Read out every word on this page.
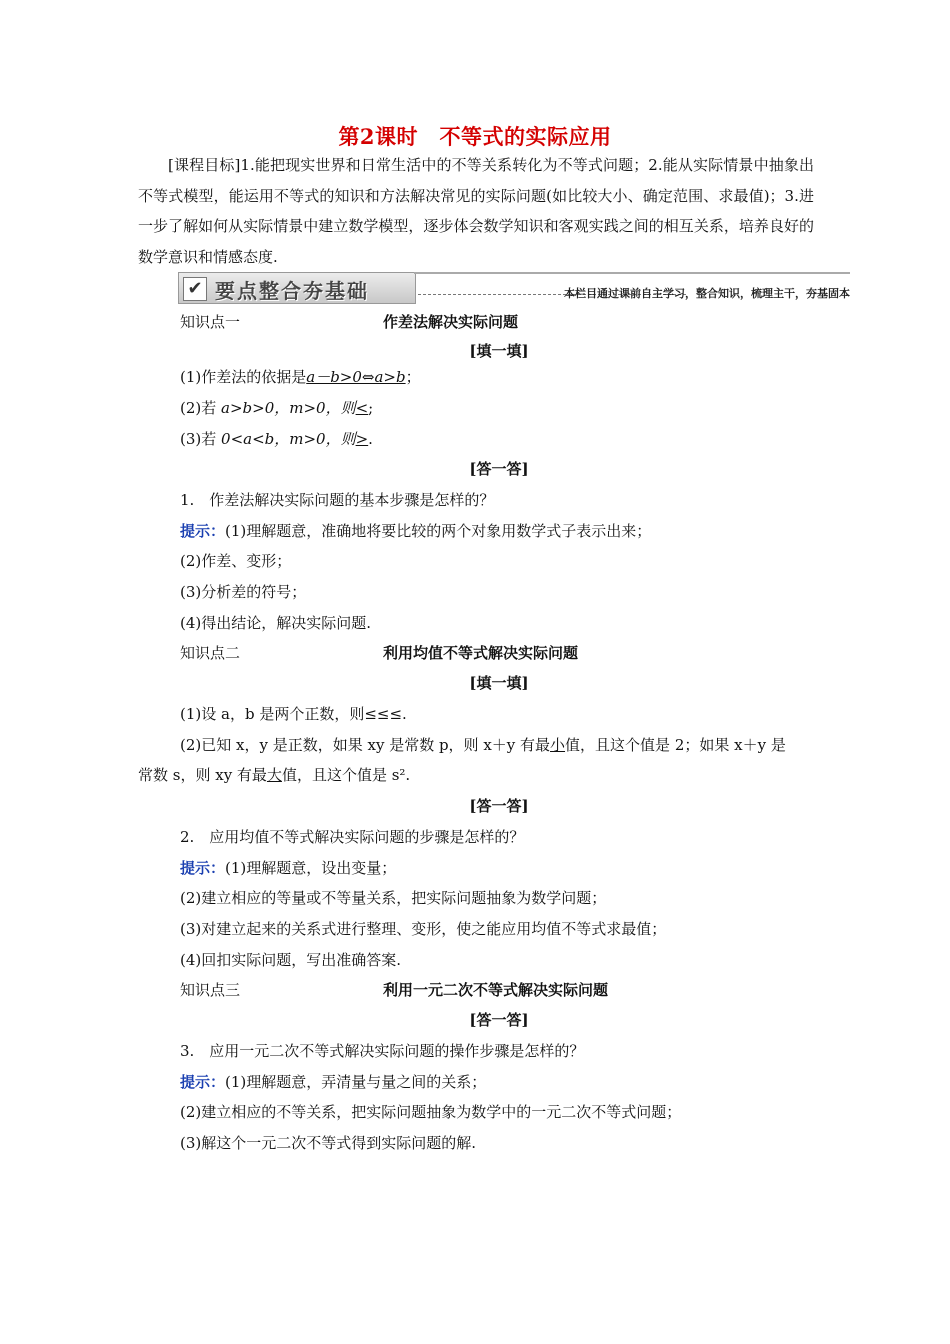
第2课时　不等式的实际应用
[课程目标]1.能把现实世界和日常生活中的不等关系转化为不等式问题；2.能从实际情景中抽象出不等式模型，能运用不等式的知识和方法解决常见的实际问题(如比较大小、确定范围、求最值)；3.进一步了解如何从实际情景中建立数学模型，逐步体会数学知识和客观实践之间的相互关系，培养良好的数学意识和情感态度.
✔ 要点整合夯基础	本栏目通过课前自主学习，整合知识，梳理主干，夯基固本
知识点一	作差法解决实际问题
[填一填]
(1)作差法的依据是a－b>0⇔a>b；
(2)若 a>b>0，m>0，则<;
(3)若 0<a<b，m>0，则>.
[答一答]
1.　作差法解决实际问题的基本步骤是怎样的？
提示：(1)理解题意，准确地将要比较的两个对象用数学式子表示出来；
(2)作差、变形；
(3)分析差的符号；
(4)得出结论，解决实际问题.
知识点二	利用均值不等式解决实际问题
[填一填]
(1)设 a，b 是两个正数，则≤≤≤.
(2)已知 x，y 是正数，如果 xy 是常数 p，则 x＋y 有最小值，且这个值是 2；如果 x＋y 是
常数 s，则 xy 有最大值，且这个值是 s².
[答一答]
2.　应用均值不等式解决实际问题的步骤是怎样的？
提示：(1)理解题意，设出变量；
(2)建立相应的等量或不等量关系，把实际问题抽象为数学问题；
(3)对建立起来的关系式进行整理、变形，使之能应用均值不等式求最值；
(4)回扣实际问题，写出准确答案.
知识点三	利用一元二次不等式解决实际问题
[答一答]
3.　应用一元二次不等式解决实际问题的操作步骤是怎样的？
提示：(1)理解题意，弄清量与量之间的关系；
(2)建立相应的不等关系，把实际问题抽象为数学中的一元二次不等式问题；
(3)解这个一元二次不等式得到实际问题的解.
